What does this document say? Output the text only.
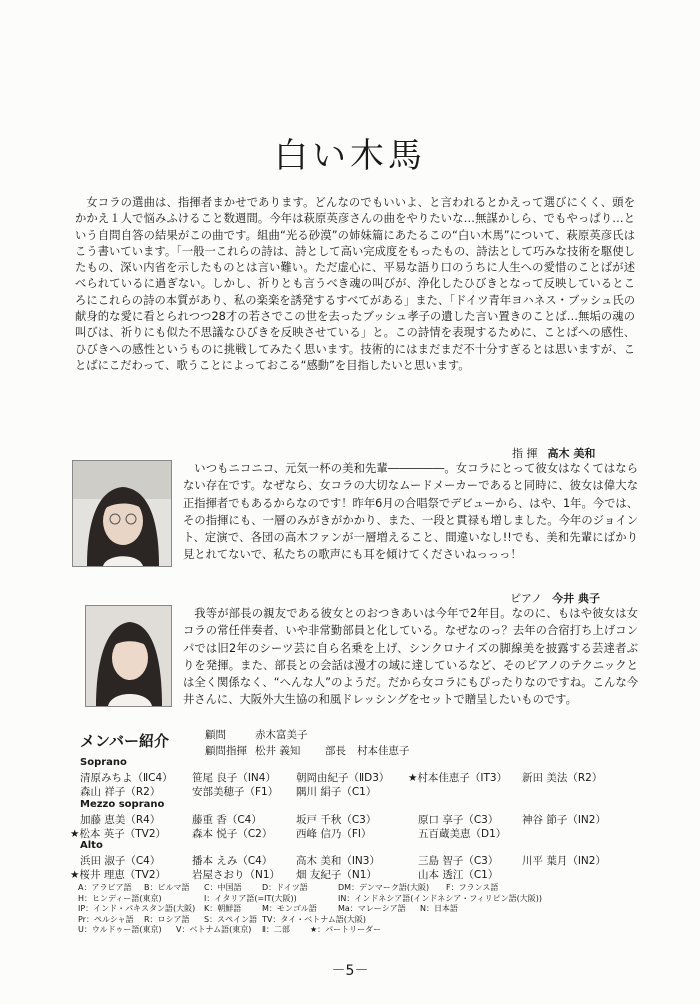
白い木馬
女コラの選曲は、指揮者まかせであります。どんなのでもいいよ、と言われるとかえって選びにくく、頭をかかえ１人で悩みふけること数週間。今年は萩原英彦さんの曲をやりたいな…無謀かしら、でもやっぱり…という自問自答の結果がこの曲です。組曲“光る砂漠”の姉妹篇にあたるこの“白い木馬”について、萩原英彦氏はこう書いています。「一般一これらの詩は、詩として高い完成度をもったもの、詩法として巧みな技術を駆使したもの、深い内省を示したものとは言い難い。ただ虚心に、平易な語り口のうちに人生への愛惜のことばが述べられているに過ぎない。しかし、祈りとも言うべき魂の叫びが、浄化したひびきとなって反映しているところにこれらの詩の本質があり、私の楽楽を誘発するすべてがある」また、「ドイツ青年ヨハネス・ブッシュ氏の献身的な愛に看とられつつ28才の若さでこの世を去ったブッシュ孝子の遺した言い置きのことば…無垢の魂の叫びは、祈りにも似た不思議なひびきを反映させている」と。この詩情を表現するために、ことばへの感性、ひびきへの感性というものに挑戦してみたく思います。技術的にはまだまだ不十分すぎるとは思いますが、ことばにこだわって、歌うことによっておこる“感動”を目指したいと思います。
指 揮 高木 美和
いつもニコニコ、元気一杯の美和先輩―――――。女コラにとって彼女はなくてはならない存在です。なぜなら、女コラの大切なムードメーカーであると同時に、彼女は偉大な正指揮者でもあるからなのです！昨年6月の合唱祭でデビューから、はや、1年。今では、その指揮にも、一層のみがきがかかり、また、一段と貫禄も増しました。今年のジョイント、定演で、各団の高木ファンが一層増えること、間違いなし!!でも、美和先輩にばかり見とれてないで、私たちの歌声にも耳を傾けてくださいねっっっ！
ピアノ 今井 典子
我等が部長の親友である彼女とのおつきあいは今年で2年目。なのに、もはや彼女は女コラの常任伴奏者、いや非常勤部員と化している。なぜなのっ？去年の合宿打ち上げコンパでは旧2年のシーツ芸に自ら名乗を上げ、シンクロナイズの脚線美を披露する芸達者ぶりを発揮。また、部長との会話は漫才の域に達しているなど、そのピアノのテクニックとは全く関係なく、“へんな人”のようだ。だから女コラにもぴったりなのですね。こんな今井さんに、大阪外大生協の和風ドレッシングをセットで贈呈したいものです。
メンバー紹介	顧問	赤木富美子
顧問指揮 松井 義知 部長 村本佳恵子
Soprano
清原みちよ（ⅡC4） 笹尾 良子（IN4） 朝岡由紀子（ⅡD3） ★村本佳恵子（IT3） 新田 美法（R2）
森山 祥子（R2）	安部美穂子（F1） 隅川 絹子（C1）
Mezzo soprano
加藤 恵美（R4）	藤重 香（C4）	坂戸 千秋（C3）	原口 享子（C3） 神谷 節子（IN2）
★松本 英子（TV2） 森本 悦子（C2） 西峰 信乃（FI）	五百蔵美恵（D1）
Alto
浜田 淑子（C4）	播本 えみ（C4） 高木 美和（IN3）	三島 智子（C3） 川平 葉月（IN2）
★桜井 理恵（TV2） 岩屋さおり（N1） 畑 友紀子（N1）	山本 透江（C1）
A：アラビア語 B：ビルマ語 C：中国語	D：ドイツ語	DM：デンマーク語(大阪) F：フランス語
H：ヒンディー語(東京)	I：イタリア語(=IT(大阪))	IN：インドネシア語(インドネシア・フィリピン語(大阪))
IP：インド・パキスタン語(大阪) K：朝鮮語	M：モンゴル語	Ma：マレーシア語 N：日本語
Pr：ペルシャ語 R：ロシア語 S：スペイン語 TV：タイ・ベトナム語(大阪)
U：ウルドゥー語(東京) V：ベトナム語(東京) Ⅱ：二部	★：パートリーダー
－5－
